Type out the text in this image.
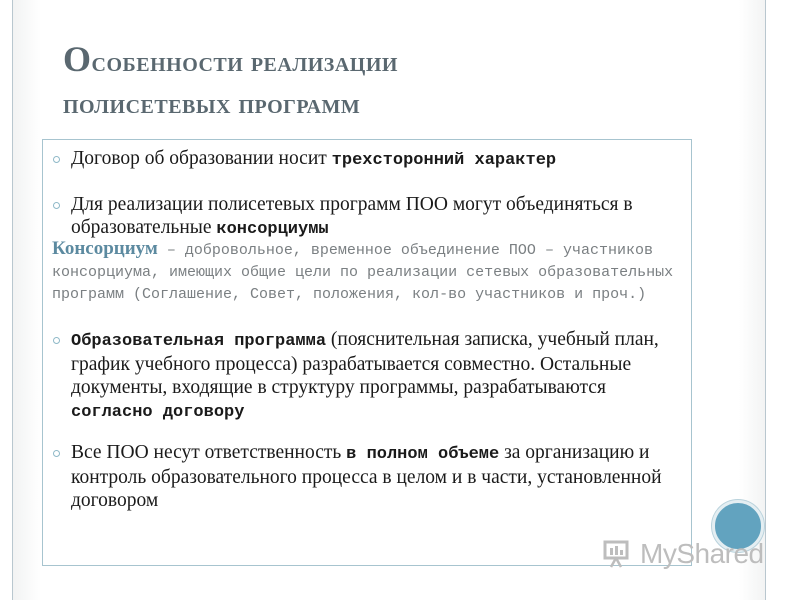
Особенности реализации
полисетевых программ
Договор об образовании носит трехсторонний характер
Для реализации полисетевых программ ПОО могут объединяться в образовательные консорциумы
Консорциум – добровольное, временное объединение ПОО – участников консорциума, имеющих общие цели по реализации сетевых образовательных программ (Соглашение, Совет, положения, кол-во участников и проч.)
Образовательная программа (пояснительная записка, учебный план, график учебного процесса) разрабатывается совместно. Остальные документы, входящие в структуру программы, разрабатываются согласно договору
Все ПОО несут ответственность в полном объеме за организацию и контроль образовательного процесса в целом и в части, установленной договором
MyShared
